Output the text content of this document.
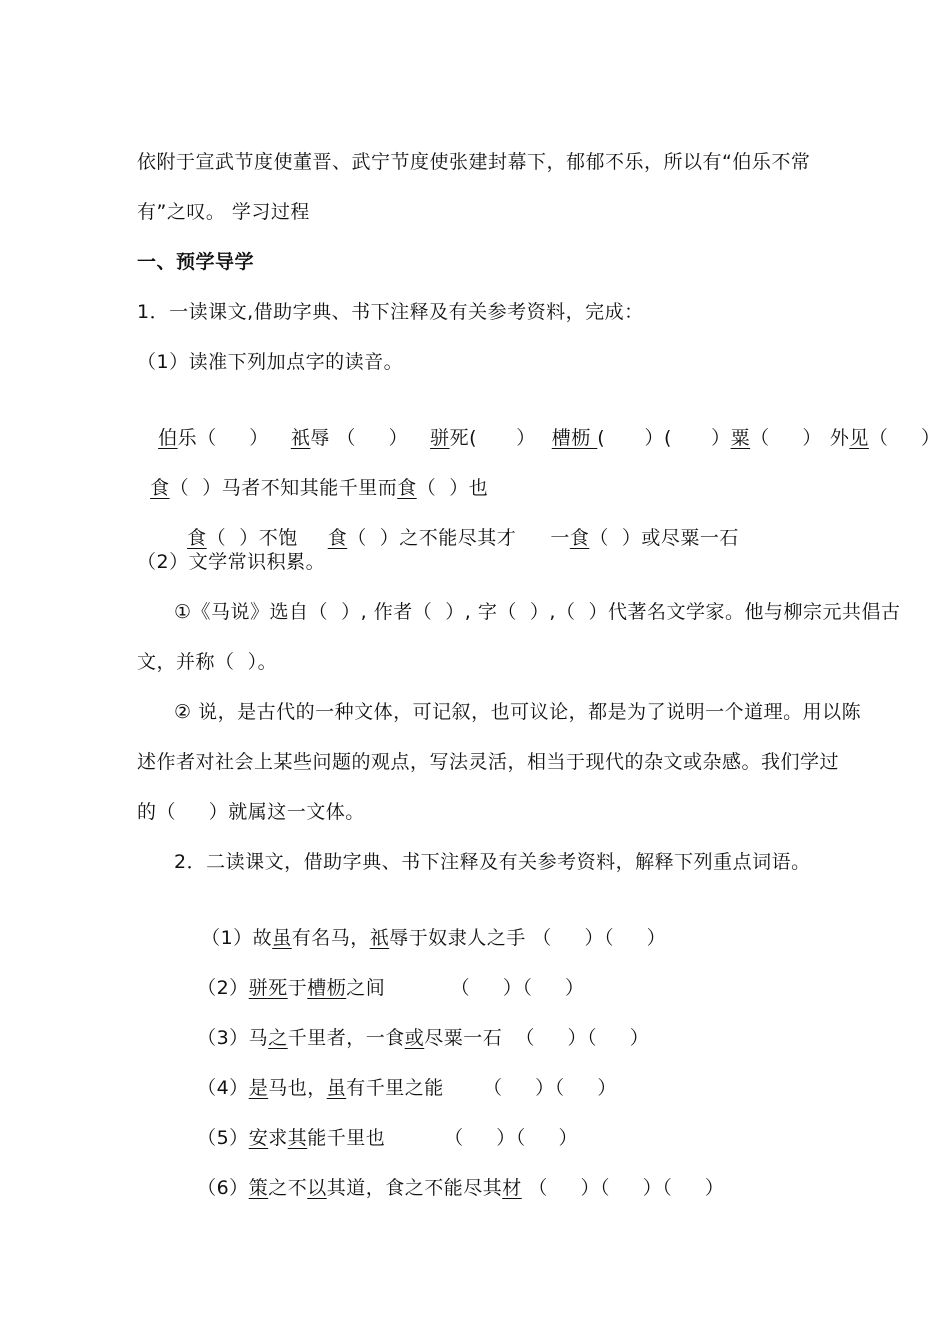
依附于宣武节度使董晋、武宁节度使张建封幕下，郁郁不乐，所以有“伯乐不常
有”之叹。 学习过程
一、预学导学
1．一读课文,借助字典、书下注释及有关参考资料，完成：
（1）读准下列加点字的读音。

伯乐（     ） 祇辱 （     ） 骈死(      ） 槽枥 (      ）(      ）粟（     ） 外见（     ）

食（  ）马者不知其能千里而食（  ）也

食（  ）不饱 食（  ）之不能尽其才 一食（  ）或尽粟一石

（2）文学常识积累。
①《马说》选自（  ）, 作者（  ）, 字（  ）,（  ）代著名文学家。他与柳宗元共倡古
文，并称（  ）。
② 说，是古代的一种文体，可记叙，也可议论，都是为了说明一个道理。用以陈
述作者对社会上某些问题的观点，写法灵活，相当于现代的杂文或杂感。我们学过
的（     ）就属这一文体。
2．二读课文，借助字典、书下注释及有关参考资料，解释下列重点词语。

（1）故虽有名马，祇辱于奴隶人之手 （     ）（     ）

（2）骈死于槽枥之间          （     ）（     ）

（3）马之千里者，一食或尽粟一石  （     ）（     ）

（4）是马也，虽有千里之能      （     ）（     ）

（5）安求其能千里也         （     ）（     ）

（6）策之不以其道，食之不能尽其材 （     ）（     ）（     ）
